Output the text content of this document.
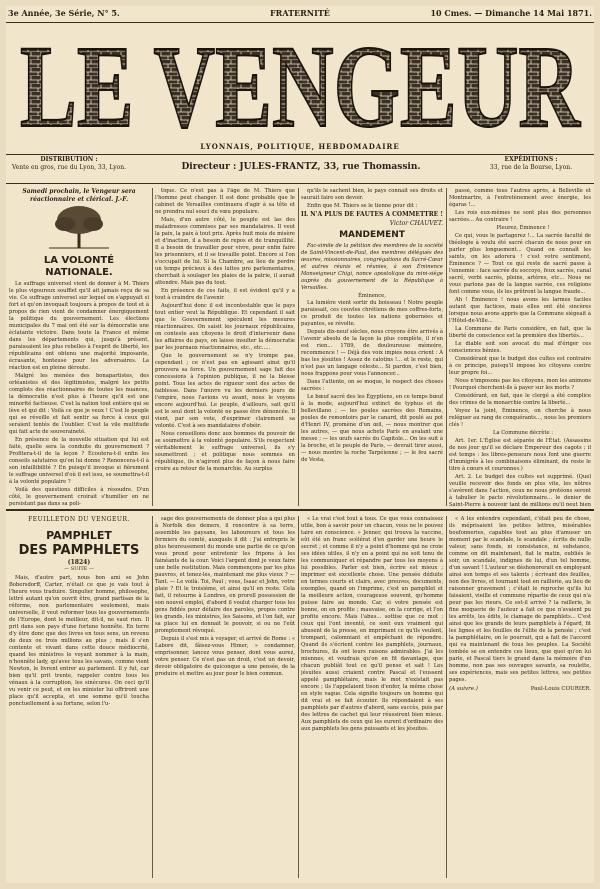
3e Année, 3e Série, N° 5.	FRATERNITÉ	10 Cmes. — Dimanche 14 Mai 1871.
LE VENGEUR
LYONNAIS, POLITIQUE, HEBDOMADAIRE
DISTRIBUTION :
Vente en gros, rue du Lyon, 33, Lyon.	Directeur : JULES-FRANTZ, 33, rue Thomassin.
EXPÉDITIONS :
33, rue de la Bourse, Lyon.
Samedi prochain, le Vengeur sera réactionnaire et clérical. J.-F.
LA VOLONTÉ NATIONALE.

Le suffrage universel vient de donner à M. Thiers le plus vigoureux souffiet qu'il ait jamais reçu de sa vie. Ce suffrage universel sur lequel on s'appuyait si fort et qu'on invoquait toujours à propos de tout et à propos de rien vient de condamner énergiquement la politique du gouvernement. Les élections municipales du 7 mai ont été sur la démocratie une éclatante victoire. Dans toute la France et même dans les départements qui, jusqu'à présent, paraissaient les plus rebelles à l'esprit de liberté, les républicains ont obtenu une majorité imposante, écrasante, honteuse pour les adversaires. La réaction est en pleine déroute.

Malgré les menées des bonapartistes, des orléanistes et des légitimistes, malgré les petits complots des réactionnaires de toutes les nuances, la démocratie n'est plus à l'heure qu'il est une minorité factieuse. C'est la nation tout entière qui se lève et qui dit : Voilà ce que je veux ! C'est le peuple qui se réveille et fait sentir sa force à ceux qui seraient tentés de l'oublier. C'est la vile multitude qui fait acte de souveraineté.

En présence de la nouvelle situation qui lui est faite, quelle sera la conduite du gouvernement ? Profitera-t-il de la leçon ? Écoutera-t-il enfin les conseils salutaires qu'on lui donne ? Renoncera-t-il à son infaillibilité ? En puisqu'il invoque si fièrement le suffrage universel d'où il est issu, se soumettra-t-il à la volonté populaire ?

Voilà des questions difficiles à résoudre. D'un côté, le gouvernement croirait s'humilier en ne persistant pas dans sa poli-

tique. Ce n'est pas à l'âge de M. Thiers que l'homme peut changer. Il est donc probable que le cabinet de Versailles continuera d'agir à sa tête et ne prendra nul souci du vœu populaire.

Mais, d'un autre côté, le peuple est las des maladresses commises par ses mandataires. Il veut la paix, la paix à tout prix. Après huit mois de misère et d'inaction, il a besoin de repos et de tranquillité. Il a besoin de travailler pour vivre, pour enfin faire les prisonniers, et il se travaille point. Encore si l'on s'occupait de lui. Si la Chambre, au lieu de perdre un temps précieux à des luttes pro parlementaires, cherchait à soulager les plaies de la patrie, il aurait attendre. Mais pas du tout.

En présence de ces faits, il est évident qu'il y a tout à craindre de l'avenir.

Aujourd'hui donc il est incontestable que le pays tout entier veut la République. Et cependant il sait que le Gouvernement spéculent les mesures réactionnaires. On saisit les journaux républicains, on conteste aux citoyens le droit d'intervenir dans les affaires du pays, on laisse insulter la démocratie par les journaux réactionnaires, etc., etc.....

Que le gouvernement se n'y trompe pas, cependant ; ce n'est pas en agissant ainsi qu'il prouvera sa force. Un gouvernement sage fait des concessions à l'opinion publique, il ne la blesse point. Tous les actes de rigueur sont des actes de faiblesse. Dans l'œuvre vu les derniers jours de l'empire, nous l'avions vu avant, nous le voyons encore aujourd'hui. Le peuple, d'ailleurs, sait qu'il est le seul dont la volonté ne passe être dénoncée. Il vient, par son vote, d'exprimer clairement sa volonté. C'est à ses mandataires d'obéir.

Nous conseillons donc aux hommes du pouvoir de se soumettre à la volonté populaire. S'ils respectent véritablement le suffrage universel, ils s'y soumettront ; et politique nous sommes en république, ils n'agiront plus de façon à nous faire croire au retour de la monarchie. Au surplus

qu'ils le sachent bien, le pays connaît ses droits et saurait faire son devoir.

Enfin que M. Thiers se le tienne pour dit :

IL N'A PLUS DE FAUTES A COMMETTRE !
Victor CHAUVET.
MANDEMENT

Fac-simile de la pétition des membres de la société de Saint-Vincent-de-Paul, des membres délégués des œuvres, missionnaires, congrégations du Sacré-Cœur et autres réunis et réunies, à son Éminence Monseigneur Chigi, nonce apostolique du mini-siège auprès du gouvernement de la République à Versailles.

Éminence,

La lumière vient sortir du boisseau ! Notre peuple paraissait, ces couvles chrétiens de mes coffres-forts, ce produit de toutes les nations gobernées et payantes, se révolte.

Depuis dix-neuf siècles, nous croyons être arrivés à l'avenir absolu de la façon la plus complète, il n'en est rien... 1789, de douloureuse mémoire, recommence ! — Déjà des voix impies nous crient : À bas les jésuites ! Assez de calotins !... et le reste, qui n'est pas un langage céleste... Si pardon, c'est bien, nous frappons pour vous l'annoncer...

Dans l'attente, on se moque, le respect des choses sacrées :

Le bœuf sacré des les Égyptiens, en ce temps bœuf à la mode, aujourd'hui extinct de typhus et de bellevillano ; — les poules sacrées des Romains, poules de remontoirs par le canard, dit poulé au pot d'Henri IV, promène d'un œil, — nous montrer que les autres, — que nous achets Paris en avalant une messe ; — les œufs sacrés du Capitole... On les suit à la broche, et le peuple de Paris, — devrait tirer aussi, — nous montre la roche Tarpéienne ; — le feu sacré de Vesta,

passé, comme tous l'autres après, à Belleville et Montmartre, à l'entretènement avec énergie, les égaras !...

Les rois eux-mêmes ne sont plus des personnes sacrées... Au contraire !

Pleurez, Éminence !

Ce qui, vous le partagerez !... La sacrée faculté de théologie à voulu été sacré chacun de nous pour en parler plus longuement... Quand on connaît les saints, on les adorera ! c'est votre sentiment, Éminence ? — Tout ce qui reste de sacré passe à l'ennemie : face sacrée du soccoyo, feux sacrés, canal sacré, verbi sacrés, pleins, artères, etc... Nous ne vous parlons pas de la langue sacrée, ces religions font comme vous, ils les prêtrent la langue fraude...

Ah ! Éminence ! nous avons les larmes faciles autant que factices, mais elles ont été sincères lorsque nous avons appris que la Commune siégeait à l'Hôtel-de-Ville...

La Commune de Paris considère, en fait, que la liberté de conscience est la première des libertés...

Le diable soit son avocat du mal d'ériger ces consciences bénies.

Considérant que le budget des cultes est contraire à ce principe, puisqu'il impose les citoyens contre leur propre foi...

Nous n'imposons pas les citoyens, mon les animons ! Pourquoi cherchent-ils à payer sur les morts ?

Considérant, en fait, que le clergé a été complice des crimes de la monarchie contre la liberté...

Voyez la joint, Éminence, on cherche à nous reléguer au rang de conquérants..., nous les premiers clés !

La Commune décrète :

Art. 1er. L'Église est séparée de l'État. (Assassins de nos jour qu'il se déclare Empereur des cagots ; il est temps : les libres-penseurs nous font une guerre d'immigrés à les combinaisons éliminant, du reste le titre à cœurs et couronnes.)

Art. 2. Le budget des cultes est supprimé. (Quel veuille recevoir des fonds on plus vite, les nôtres s'avèrent dans l'action, ceux ne nous protéons seront à tabulier le pacte révolutionnaire... le denier de Saint-Pierre à pouvoir tant de millions qu'il peut bien

FEUILLETON DU VENGEUR.
PAMPHLET
DES PAMPHLETS
(1824)
— SUITE —

Mais, d'autre part, nous bon ami se John Bobersdorff, Carter, n'était ce que je vais tout à l'heure vous traduire. Singulier homme, philosophe, lettré autant qu'on ouvrit être, grand partisan de la réforme, non parlementaire seulement, mais universelle, il veut reformer tous les gouvernements de l'Europe, dont le meilleur, dit-il, ne vaut rien. Il prit dans son pays d'une fortune honnête. En terre d'y être donc que des livres en tous sens, un revenu de deux ou trois millions au plus ; mais il s'en contente et vivant dans cette douce médiocrité, quand les ministres le voyant nommer à la main, n'honnête lady, qu'avec tous les savans, comme vient Newton, le livrent entrer au parlement. Il y fut, car bien qu'il prit trente, rappeler contre tous les vénaux à la corruption, les sinécures. On ceci qu'il vu venir ce peut, et on les minister lui offriront une place qu'il accepta, et une somme qu'il toucha ponctuellement à sa fortune, selon l'u-

sage des gouvernements de donner plus à qui plus à Norfolk des demers, il rencontre à sa terre, assemble les paysans, les laboureurs et tous les fermiers du comté, auxquels il dit : J'ai entrepris le plus heureusement du monde une partie de ce qu'on vous prend pour entretenir les fripons à les fainéants de la cour. Voici l'argent dont je veux faire une belle restitution. Mais commençons par les plus pauvres, et tenez-les, maintenant me plus vieux ? — Tant. — Le voilà. Toi, Paul ; vous, Isaac et John, votre plaie ? Et le troisième, et ainsi qu'il en reste. Cela fait, il retourne à Londres, en proroll possession de son nouvel emploi, d'abord il voulut charger tous les gens fiddés pour défaire des paroles, propos contre les grands, les ministres, les Saisons, et l'on fait, sur sa place lui en donnait le pouvoir, si ou ne l'eût promptement révoqué.

Depuis il s'est mis à voyager, et arrivé de Rome : « Labore dit, fâisez-vous Himer, » condamner, emprisonner, lancez vous penser, dont vous aurez, votre penser. Ce n'est pas un droit, c'est un devoir, devoir obligatoire de quiconque a une pensée, de la produire et mettre au jour pour le bien commun.

« Le vrai c'est tout à tous. Ce que vous connaissez utile, bon à savoir pour un chacun, vous ne le pouvez taire en conscience. » Jenner, qui trouva la vaccine, eût été un franc scélérat d'en garder une heure le secret ; et comme il n'y a point d'homme qui ne croie ses idées utiles, il n'y en a point qui ne soit tenu de les communiquer et répandre par tous les moyens à lui possibles. Parler est bien, écrire est mieux ; imprimer est excellente chose. Une pensée déduite en termes courts et clairs, avec preuves, documents, exemples, quand on l'imprime, c'est un pamphlet et la meilleure action, courageuse souvent, qu'homme puisse faire au monde. Car, si votre pensée est bonne, on en profite ; mauvaise, on la corrige, et l'on profite encore. Mais l'abus... sottise que ce mot : ceux qui l'ont inventé, ce sont eux vraiment qui abusent de la presse, en imprimant ce qu'ils veulent, trompant, calomniant et empêchant de répondre. Quand ils s'écrient contre les pamphlets, journaux, brochures, ils ont leurs raisons admirables. J'ai les miennes, et voudrais qu'on en fit davantage, que chacun publiât tout ce qu'il pense et sait ! Les jésuites aussi criaient contre Pascal et l'eussent appelé pamphlétaire, mais le mot n'existait pas encore ; ils l'appelaient tison d'enfer, la même chose en style vague. Cela signifie toujours un homme qui dit vrai et se fait écouter. Ils répondaient à ses pamphlets par d'autres d'abord, sans succès, puis par des lettres de cachet qui leur réussirent bien mieux. Aux pamphlets de ceux qui les eurent d'ordinaire des aux pamphlets les gens puissants et les jésuites.

« A les entendre cependant, c'était peu de chose, ils méprisaient les petites lettres, misérables boufonneries, capables tout au plus d'amuser un moment par le scandale, le scandale ; écrits de nulle valeur, sans fonds, ni consistance, ni substance, comme on dit maintenant, fiat le matin, oubliés le soir, un scandale, indignes de lui, d'un tel homme, d'un savant ! L'auteur se déshonorerait en employant ainsi son temps et ses talents ; écrivant des feuilles, non des livres, et tournant tout en raillerie, au lieu de raisonner gravement ; c'était le reproche qu'ils lui faisaient, vieille et commune répartie de ceux qui n'a peur pas les rieurs. Ce est-il arrivé ? la raillerie, le fine moquerie de l'auteur a fait ce que n'avaient pu les arrêts, les édits, le clamage de pamphlets... C'est ainsi que les grands de leurs pamphlets à l'égard, fit les lignes et les feuilles de l'élite de la pensée ; c'est la pamphlétaire, on le pourrait, qui a fait de l'accord qui va maintenant de tous les peuples. La Société tombée se en entendre ces lieux, que quoi qu'on lui parle, et Pascal tiers le grand dans la mémoire d'un homme, non pas ses ouvrages savants, sa roulette, ses expériences, mais ses petites lettres, ses petites pages.

(A suivre.)	Paul-Louis COURIER.
